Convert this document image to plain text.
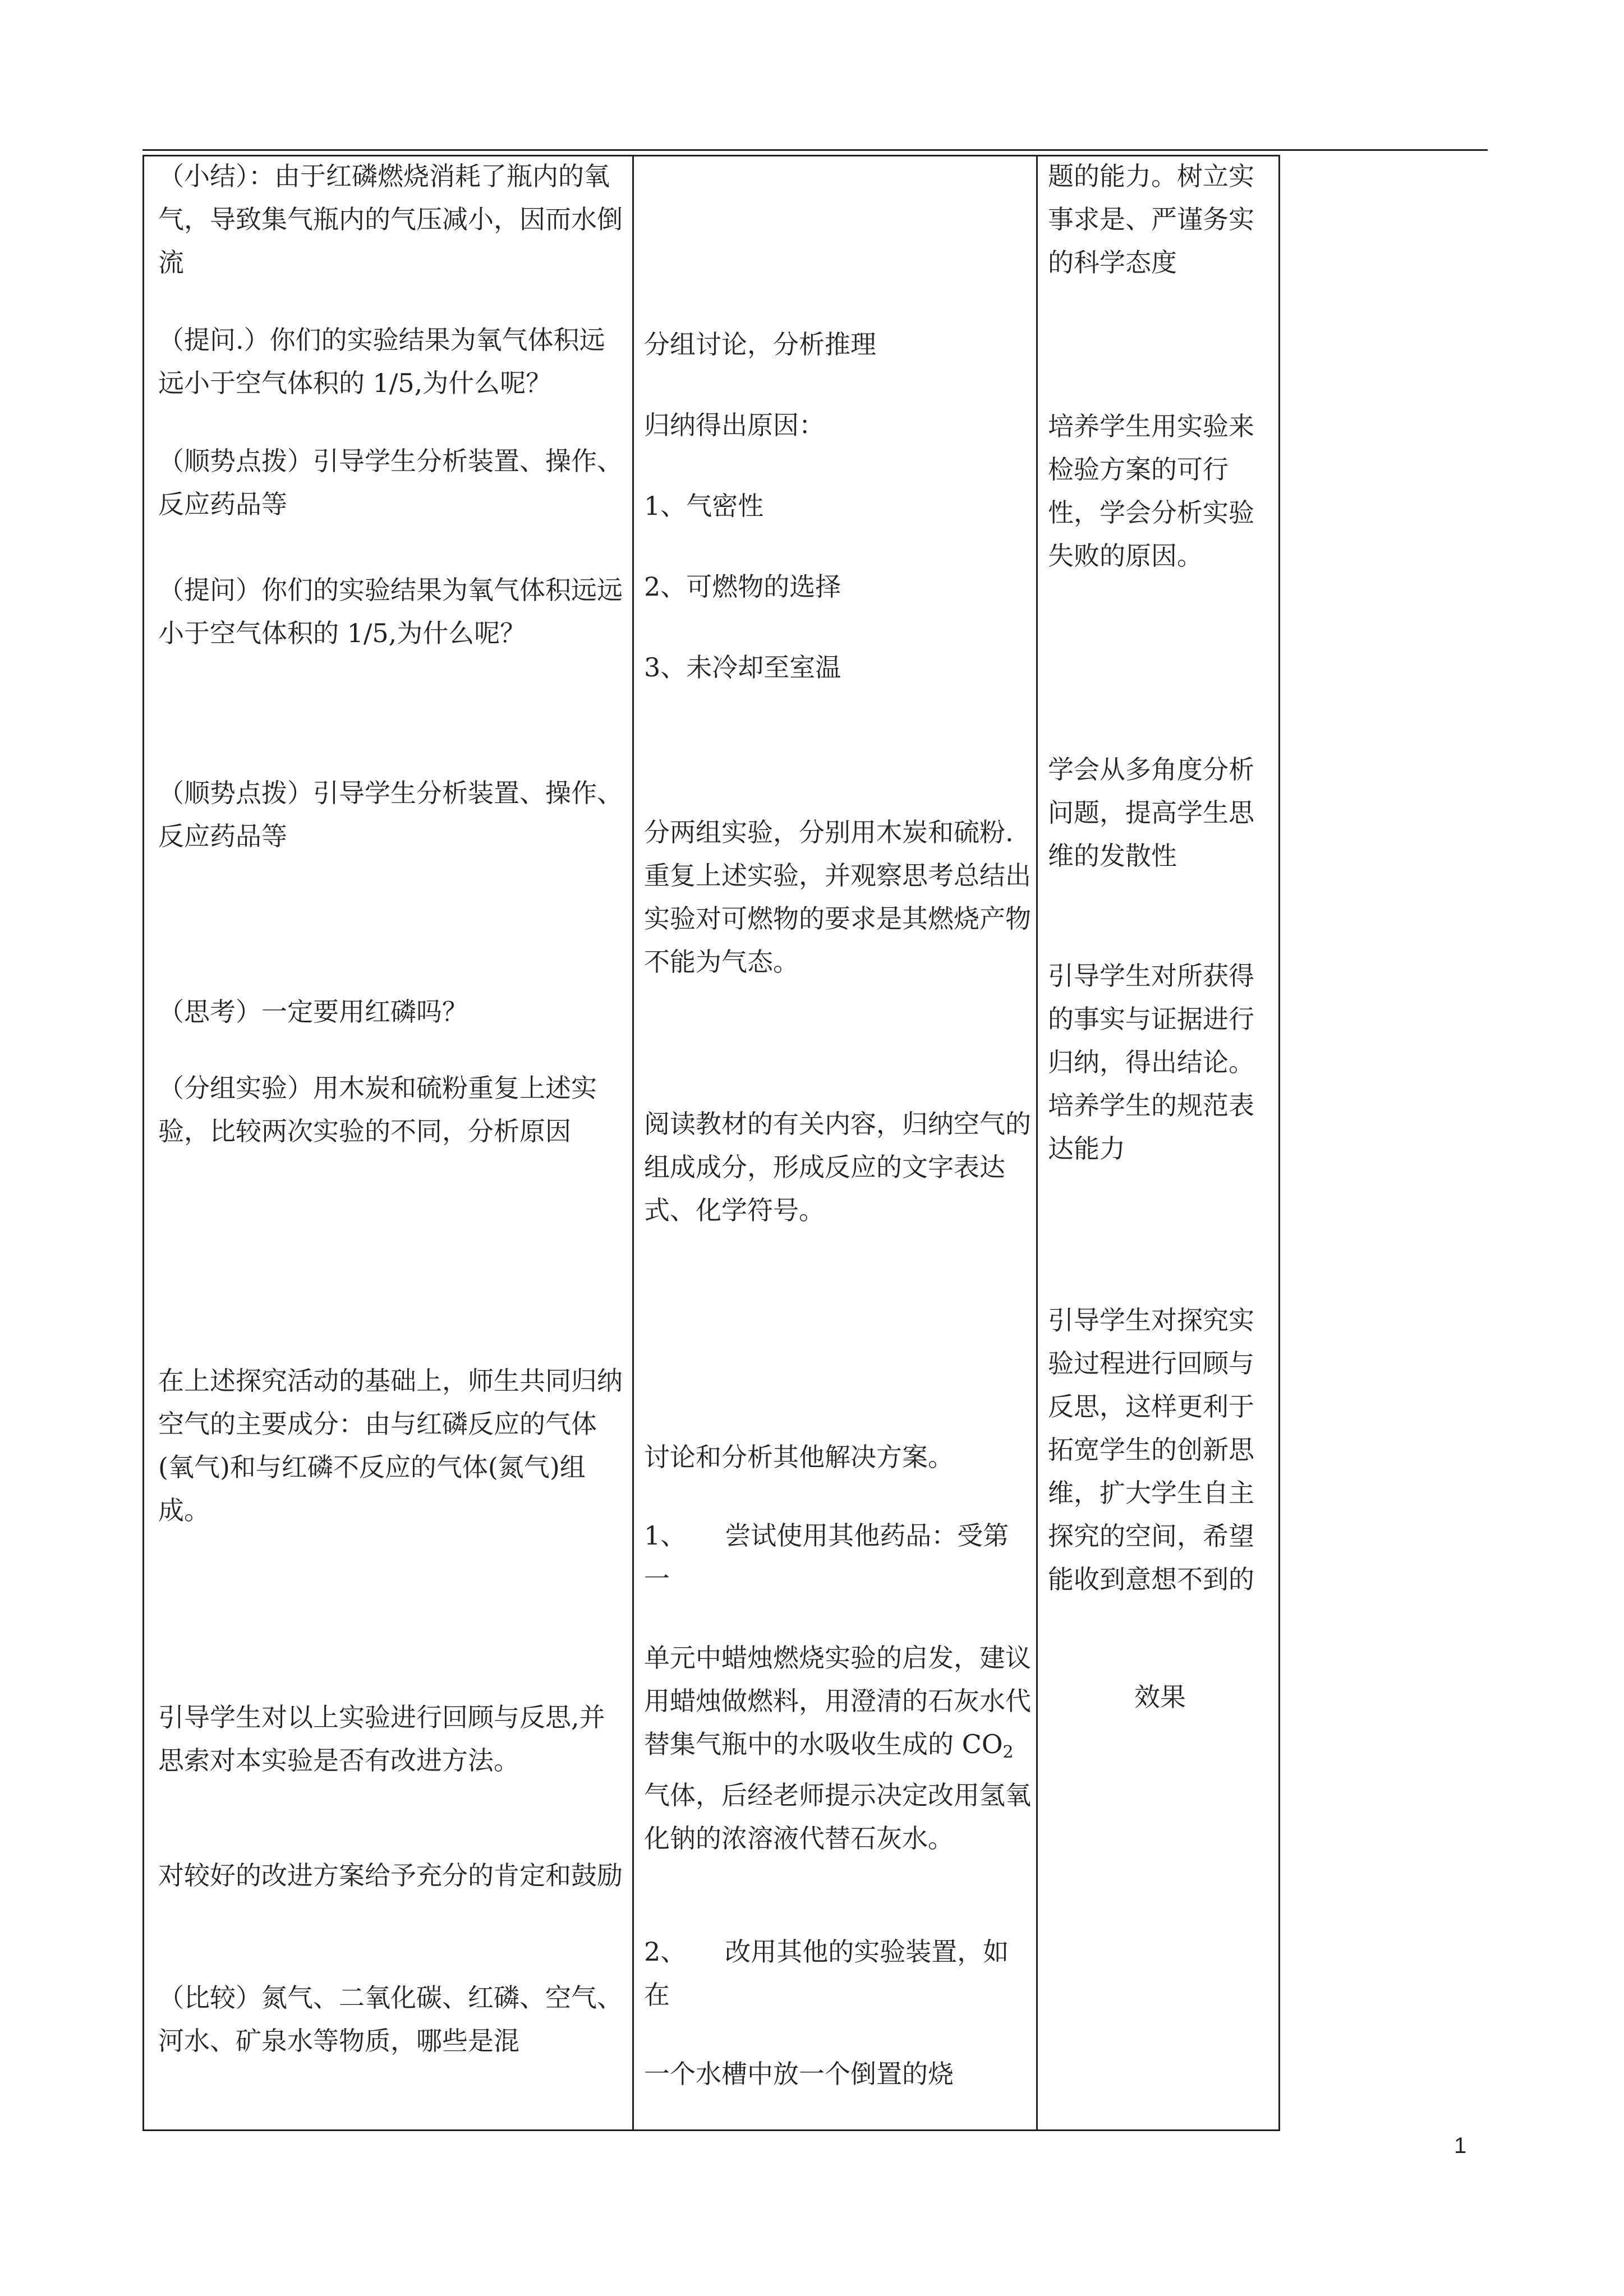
（小结）：由于红磷燃烧消耗了瓶内的氧气，导致集气瓶内的气压减小，因而水倒流

（提问.）你们的实验结果为氧气体积远远小于空气体积的 1/5,为什么呢？

（顺势点拨）引导学生分析装置、操作、反应药品等

（提问）你们的实验结果为氧气体积远远小于空气体积的 1/5,为什么呢？

（顺势点拨）引导学生分析装置、操作、反应药品等

（思考）一定要用红磷吗？

（分组实验）用木炭和硫粉重复上述实验，比较两次实验的不同，分析原因

在上述探究活动的基础上，师生共同归纳空气的主要成分：由与红磷反应的气体(氧气)和与红磷不反应的气体(氮气)组成。

引导学生对以上实验进行回顾与反思,并思索对本实验是否有改进方法。

对较好的改进方案给予充分的肯定和鼓励

（比较）氮气、二氧化碳、红磷、空气、河水、矿泉水等物质，哪些是混

分组讨论，分析推理

归纳得出原因：

1、气密性

2、可燃物的选择

3、未冷却至室温

分两组实验，分别用木炭和硫粉.重复上述实验，并观察思考总结出实验对可燃物的要求是其燃烧产物不能为气态。

阅读教材的有关内容，归纳空气的组成成分，形成反应的文字表达式、化学符号。

讨论和分析其他解决方案。

1、　　尝试使用其他药品：受第一

单元中蜡烛燃烧实验的启发，建议用蜡烛做燃料，用澄清的石灰水代替集气瓶中的水吸收生成的 $CO_2$气体，后经老师提示决定改用氢氧化钠的浓溶液代替石灰水。

2、　　改用其他的实验装置，如在

一个水槽中放一个倒置的烧

题的能力。树立实事求是、严谨务实的科学态度

培养学生用实验来检验方案的可行性，学会分析实验失败的原因。

学会从多角度分析问题，提高学生思维的发散性

引导学生对所获得的事实与证据进行归纳，得出结论。培养学生的规范表达能力

引导学生对探究实验过程进行回顾与反思，这样更利于拓宽学生的创新思维，扩大学生自主探究的空间，希望能收到意想不到的

效果

1
